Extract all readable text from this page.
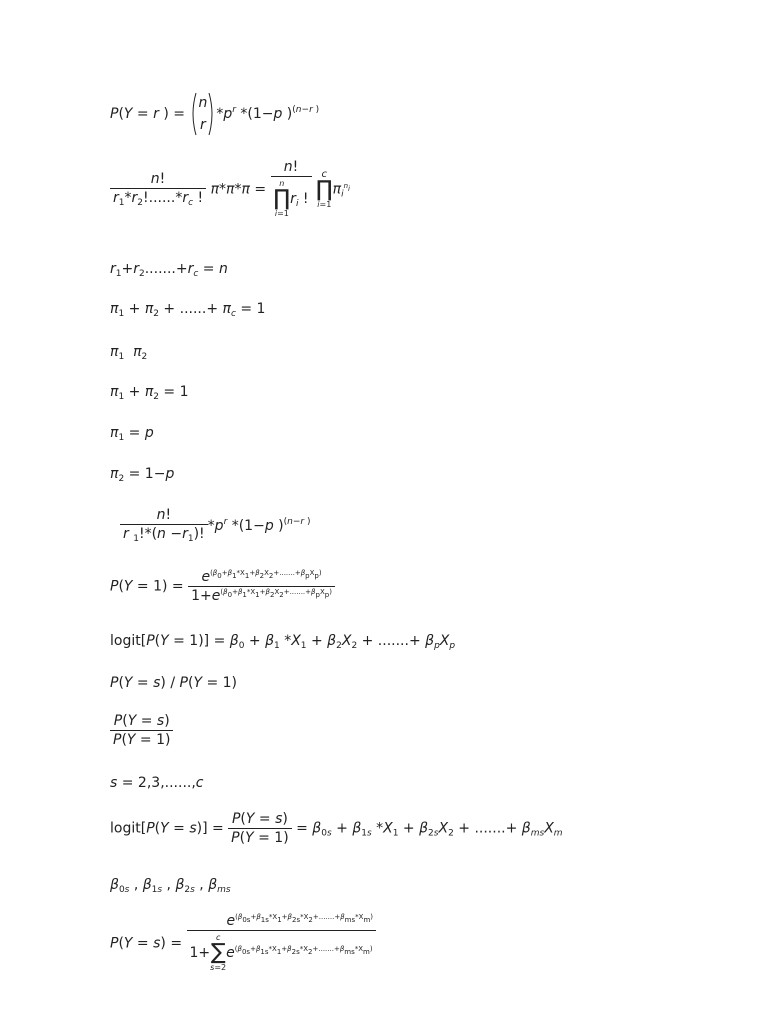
P(Y = r ) =
n
r
$*p^r$ *(1−p )$^{(n-r )}$
$\frac{n!}{r_1*r_2!......*r_c !} \pi*\pi*\pi = n$!
n
∏
i=1
$r_i$ !
	c
∏
i=1
$\pi_i^{n_i}$
$r_1+r_2.......+r_c = n$
$\pi_1 + \pi_2$ + ......+ $\pi_c = 1$
$\pi_1$ $\pi_2$
$\pi_1 + \pi_2 = 1$
$\pi_1 = p$
$\pi_2 = 1-p$
$\frac{n!}{r _1!*(n -r_1)!} *p^r$ *(1−p )$^{(n-r )}$
$P(Y = 1) = \frac{e^{(\beta_0+\beta_1*X_1+\beta_2X_2+.......+\beta_pX_p)}}{1+e^{(\beta_0+\beta_1*X_1+\beta_2X_2+.......+\beta_pX_p)}}$
logit[P(Y = $1)] = \beta_0 + \beta_1$ $*X_1 + \beta_2X_2$ + .......+ $\beta_pX_p$
P(Y = s) / P(Y = 1)
$\frac{P(Y = s)}{P(Y = 1)}$
s = 2,3,......,c
logit[P(Y = $s)] = \frac{P(Y = s)}{P(Y = 1)} = \beta_{0s} + \beta_{1s}$ $*X_1 + \beta_{2s}X_2$ + .......+ $\beta_{ms}X_m$
$\beta_{0s}$ , $\beta_{1s}$ , $\beta_{2s}$ , $\beta_{ms}$
$P(Y = s) = e^{(\beta_{0s}+\beta_{1s}*X_1+\beta_{2s}*X_2+.......+\beta_{ms}*X_m)}$
1+
c
∑
s=2
$e^{(\beta_{0s}+\beta_{1s}*X_1+\beta_{2s}*X_2+.......+\beta_{ms}*X_m)}$
